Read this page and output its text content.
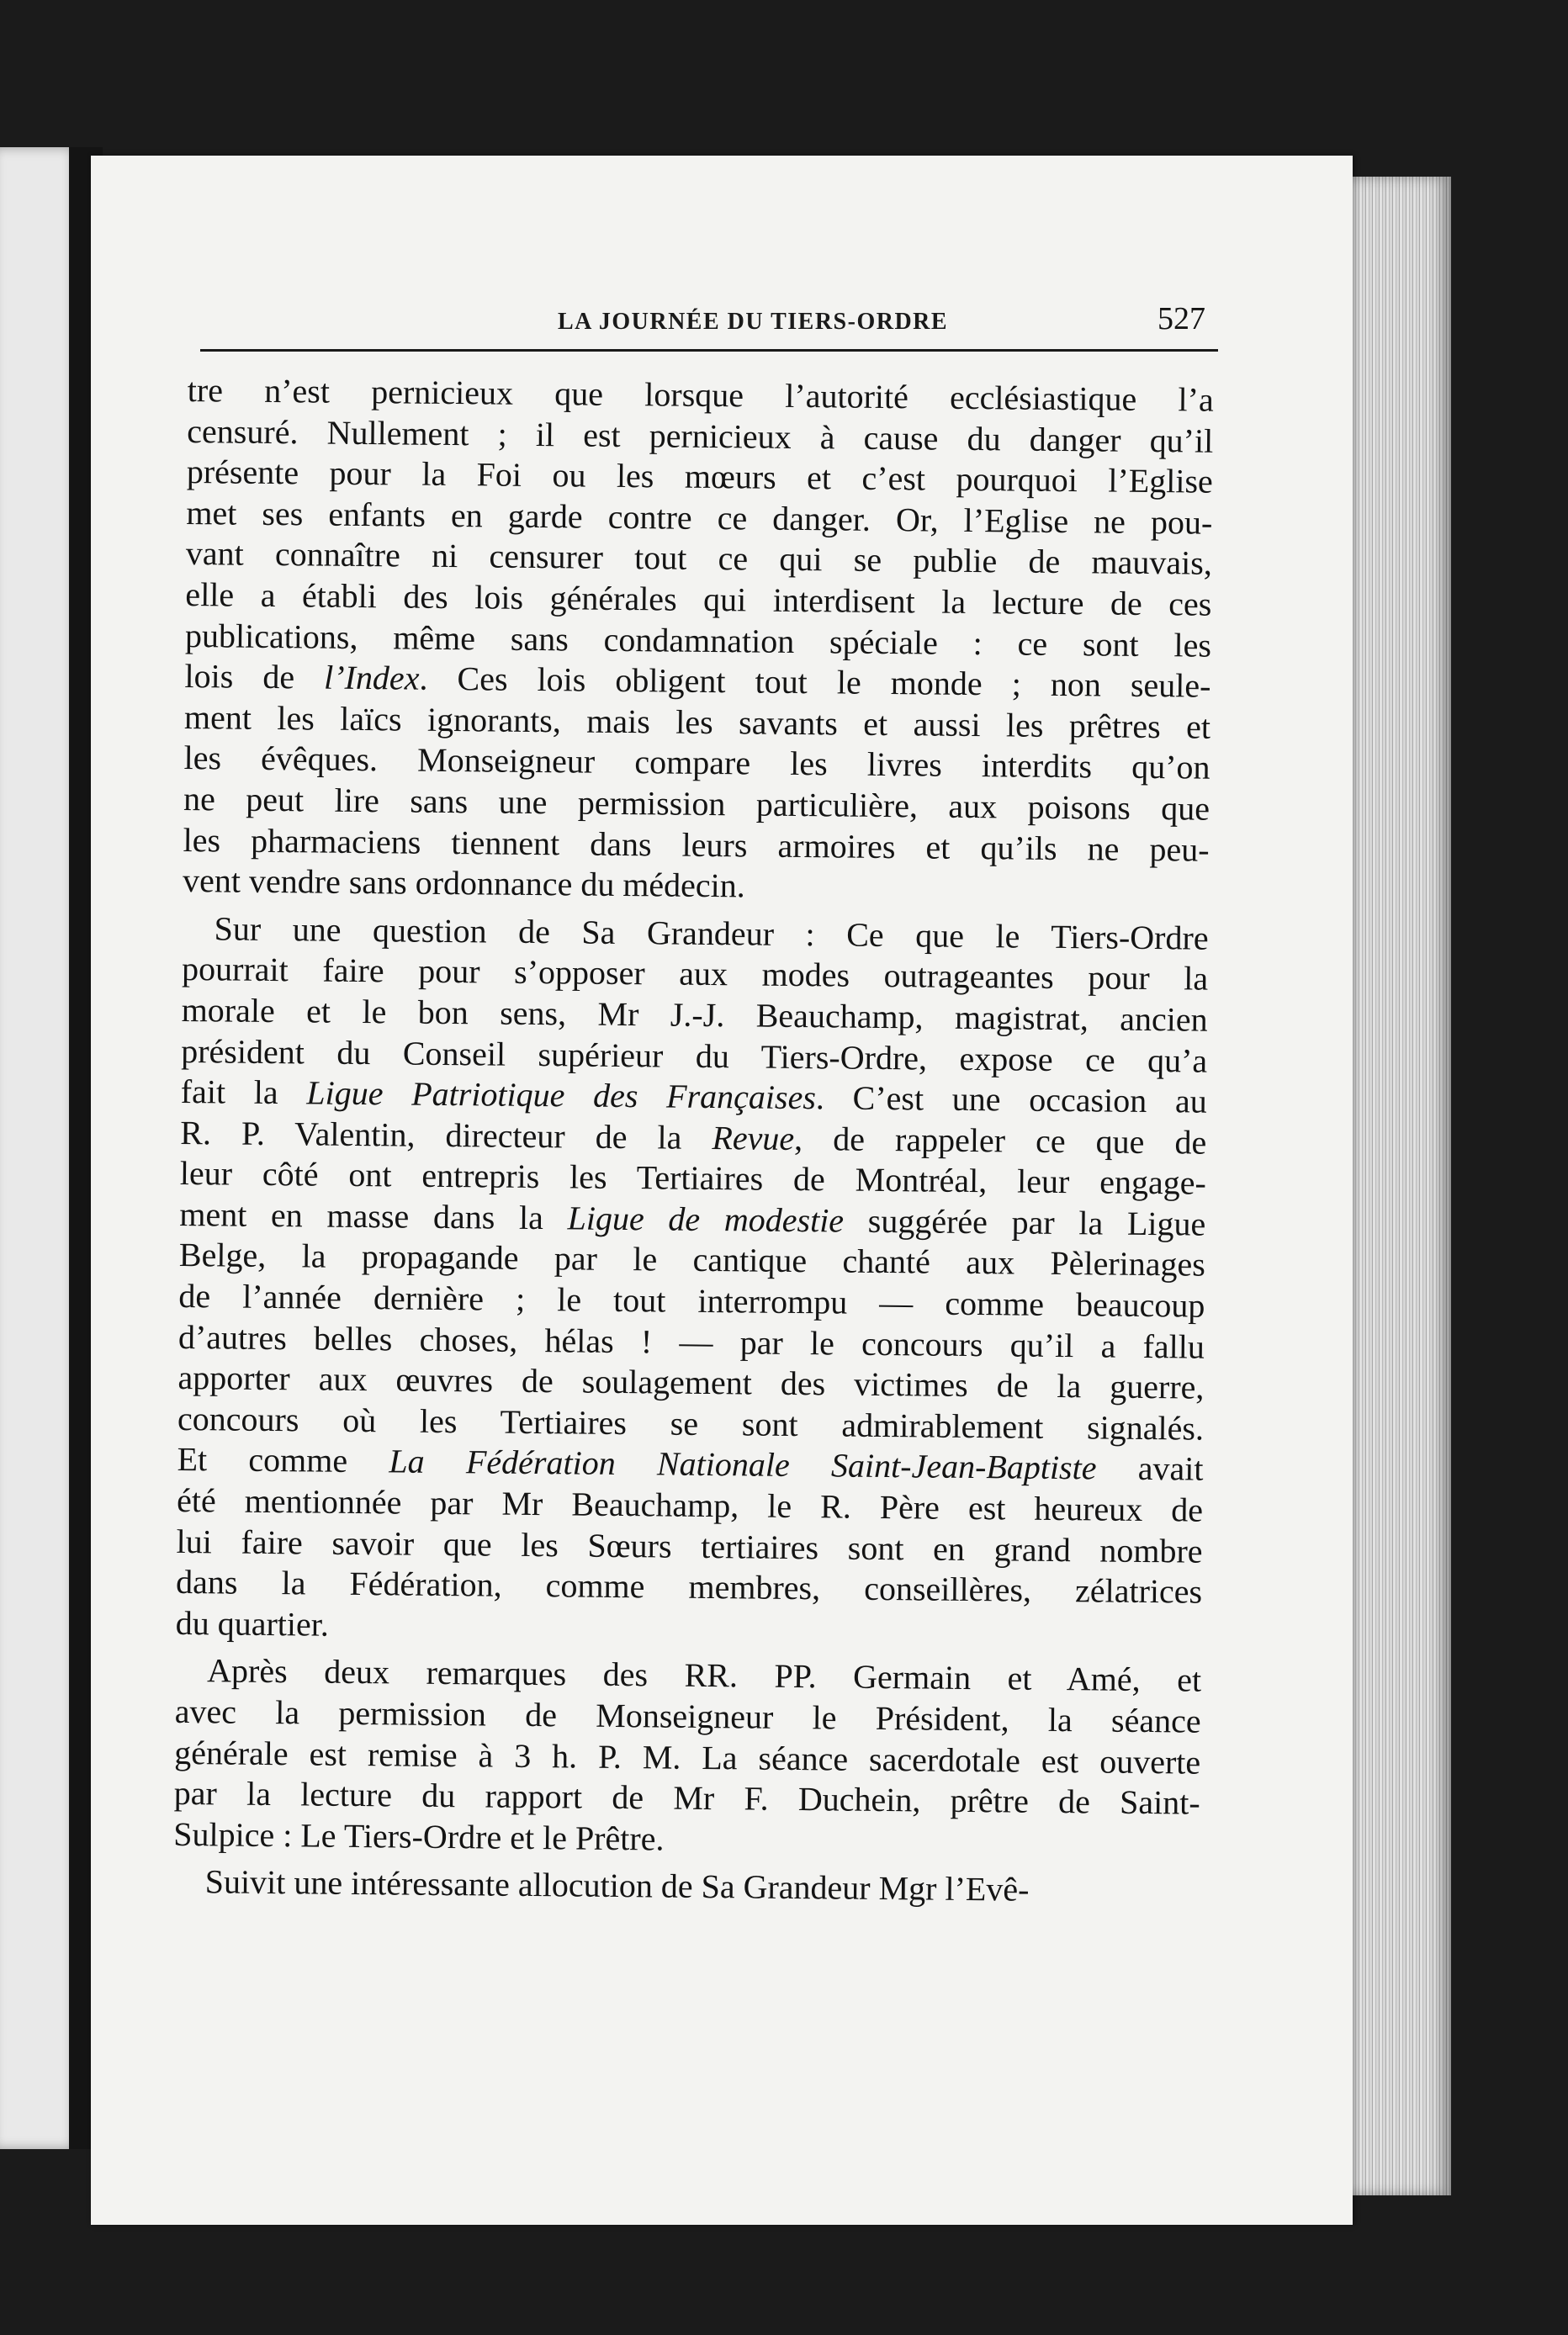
LA JOURNÉE DU TIERS-ORDRE	527
tre n’est pernicieux que lorsque l’autorité ecclésiastique l’a
censuré. Nullement ; il est pernicieux à cause du danger qu’il
présente pour la Foi ou les mœurs et c’est pourquoi l’Eglise
met ses enfants en garde contre ce danger. Or, l’Eglise ne pou-
vant connaître ni censurer tout ce qui se publie de mauvais,
elle a établi des lois générales qui interdisent la lecture de ces
publications, même sans condamnation spéciale : ce sont les
lois de l’Index. Ces lois obligent tout le monde ; non seule-
ment les laïcs ignorants, mais les savants et aussi les prêtres et
les évêques. Monseigneur compare les livres interdits qu’on
ne peut lire sans une permission particulière, aux poisons que
les pharmaciens tiennent dans leurs armoires et qu’ils ne peu-
vent vendre sans ordonnance du médecin.
Sur une question de Sa Grandeur : Ce que le Tiers-Ordre
pourrait faire pour s’opposer aux modes outrageantes pour la
morale et le bon sens, Mr J.-J. Beauchamp, magistrat, ancien
président du Conseil supérieur du Tiers-Ordre, expose ce qu’a
fait la Ligue Patriotique des Françaises. C’est une occasion au
R. P. Valentin, directeur de la Revue, de rappeler ce que de
leur côté ont entrepris les Tertiaires de Montréal, leur engage-
ment en masse dans la Ligue de modestie suggérée par la Ligue
Belge, la propagande par le cantique chanté aux Pèlerinages
de l’année dernière ; le tout interrompu — comme beaucoup
d’autres belles choses, hélas ! — par le concours qu’il a fallu
apporter aux œuvres de soulagement des victimes de la guerre,
concours où les Tertiaires se sont admirablement signalés.
Et comme La Fédération Nationale Saint-Jean-Baptiste avait
été mentionnée par Mr Beauchamp, le R. Père est heureux de
lui faire savoir que les Sœurs tertiaires sont en grand nombre
dans la Fédération, comme membres, conseillères, zélatrices
du quartier.
Après deux remarques des RR. PP. Germain et Amé, et
avec la permission de Monseigneur le Président, la séance
générale est remise à 3 h. P. M. La séance sacerdotale est ouverte
par la lecture du rapport de Mr F. Duchein, prêtre de Saint-
Sulpice : Le Tiers-Ordre et le Prêtre.
Suivit une intéressante allocution de Sa Grandeur Mgr l’Evê-
